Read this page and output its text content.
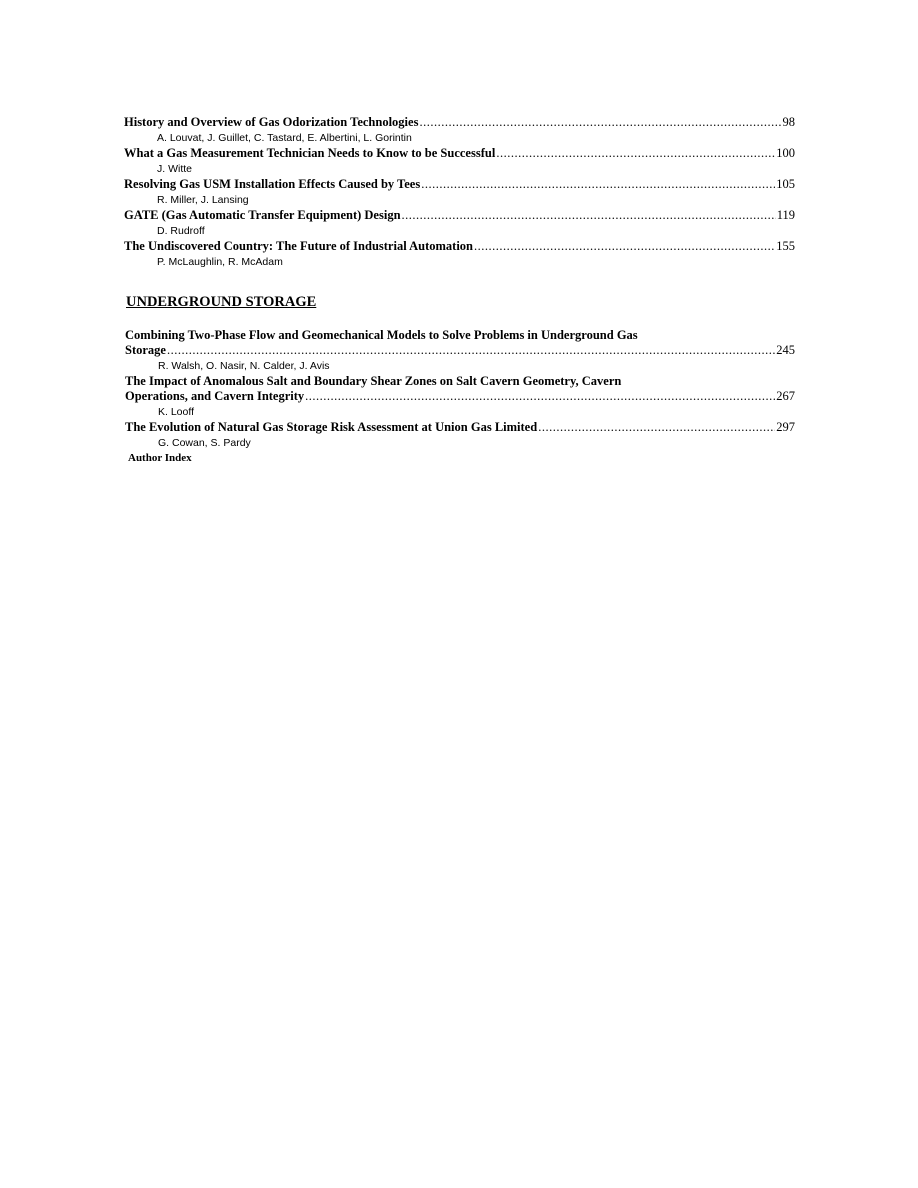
History and Overview of Gas Odorization Technologies .....	98
A. Louvat, J. Guillet, C. Tastard, E. Albertini, L. Gorintin
What a Gas Measurement Technician Needs to Know to be Successful .....	100
J. Witte
Resolving Gas USM Installation Effects Caused by Tees .....	105
R. Miller, J. Lansing
GATE (Gas Automatic Transfer Equipment) Design .....	119
D. Rudroff
The Undiscovered Country: The Future of Industrial Automation .....	155
P. McLaughlin, R. McAdam
UNDERGROUND STORAGE
Combining Two-Phase Flow and Geomechanical Models to Solve Problems in Underground Gas
Storage .....	245
R. Walsh, O. Nasir, N. Calder, J. Avis
The Impact of Anomalous Salt and Boundary Shear Zones on Salt Cavern Geometry, Cavern
Operations, and Cavern Integrity .....	267
K. Looff
The Evolution of Natural Gas Storage Risk Assessment at Union Gas Limited .....	297
G. Cowan, S. Pardy
Author Index
